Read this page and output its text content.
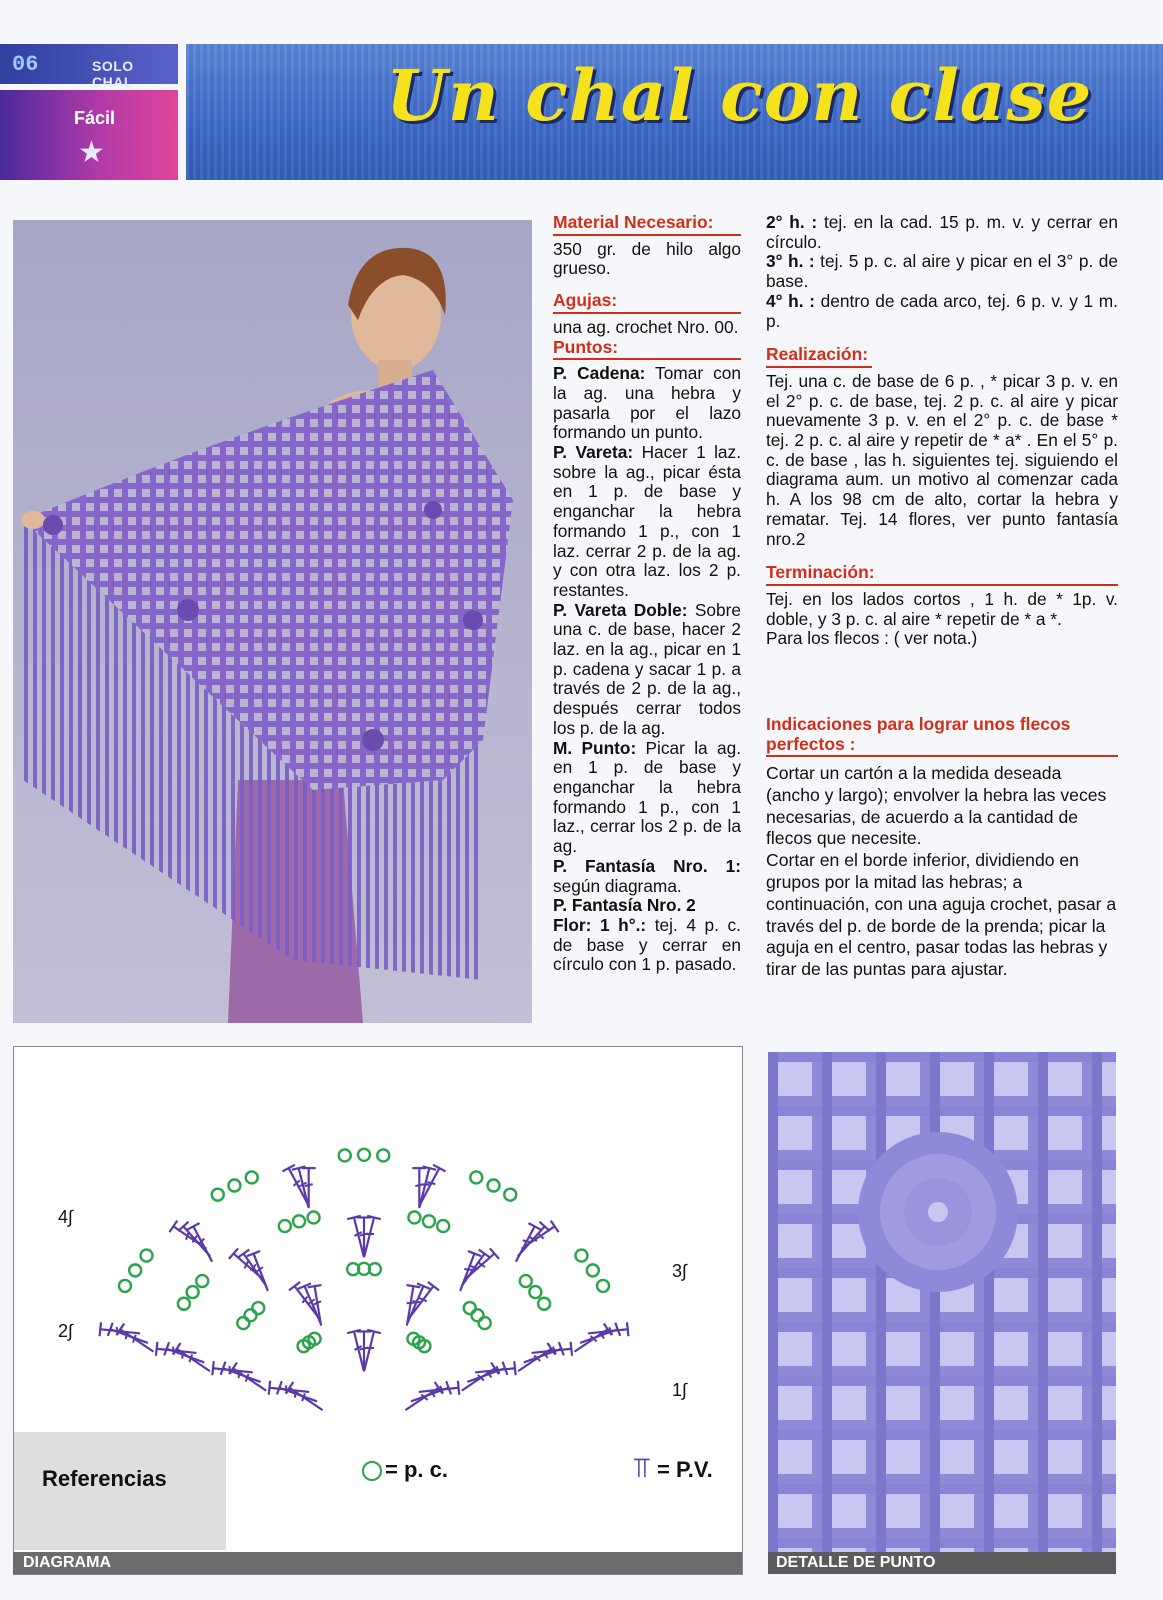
06	SOLO CHAL
Fácil
★
Un chal con clase
Material Necesario:

350 gr. de hilo algo grueso.

Agujas:

una ag. crochet Nro. 00.

Puntos:

P. Cadena: Tomar con la ag. una hebra y pasarla por el lazo formando un punto.

P. Vareta: Hacer 1 laz. sobre la ag., picar ésta en 1 p. de base y enganchar la hebra formando 1 p., con 1 laz. cerrar 2 p. de la ag. y con otra laz. los 2 p. restantes.

P. Vareta Doble: Sobre una c. de base, hacer 2 laz. en la ag., picar en 1 p. cadena y sacar 1 p. a través de 2 p. de la ag., después cerrar todos los p. de la ag.

M. Punto: Picar la ag. en 1 p. de base y enganchar la hebra formando 1 p., con 1 laz., cerrar los 2 p. de la ag.

P. Fantasía Nro. 1: según diagrama.

P. Fantasía Nro. 2

Flor: 1 h°.: tej. 4 p. c. de base y cerrar en círculo con 1 p. pasado.

2° h. : tej. en la cad. 15 p. m. v. y cerrar en círculo.

3° h. : tej. 5 p. c. al aire y picar en el 3° p. de base.

4° h. : dentro de cada arco, tej. 6 p. v. y 1 m. p.

Realización:

Tej. una c. de base de 6 p. , * picar 3 p. v. en el 2° p. c. de base, tej. 2 p. c. al aire y picar nuevamente 3 p. v. en el 2° p. c. de base * tej. 2 p. c. al aire y repetir de * a* . En el 5° p. c. de base , las h. siguientes tej. siguiendo el diagrama aum. un motivo al comenzar cada h. A los 98 cm de alto, cortar la hebra y rematar. Tej. 14 flores, ver punto fantasía nro.2

Terminación:

Tej. en los lados cortos , 1 h. de * 1p. v. doble, y 3 p. c. al aire * repetir de * a *.

Para los flecos : ( ver nota.)

Indicaciones para lograr unos flecos perfectos :

Cortar un cartón a la medida deseada (ancho y largo); envolver la hebra las veces necesarias, de acuerdo a la cantidad de flecos que necesite.

Cortar en el borde inferior, dividiendo en grupos por la mitad las hebras; a continuación, con una aguja crochet, pasar a través del p. de borde de la prenda; picar la aguja en el centro, pasar todas las hebras y tirar de las puntas para ajustar.

4∫
3∫
2∫
1∫
= p. c.	⫪ = P.V.
Referencias
DIAGRAMA	DETALLE DE PUNTO
